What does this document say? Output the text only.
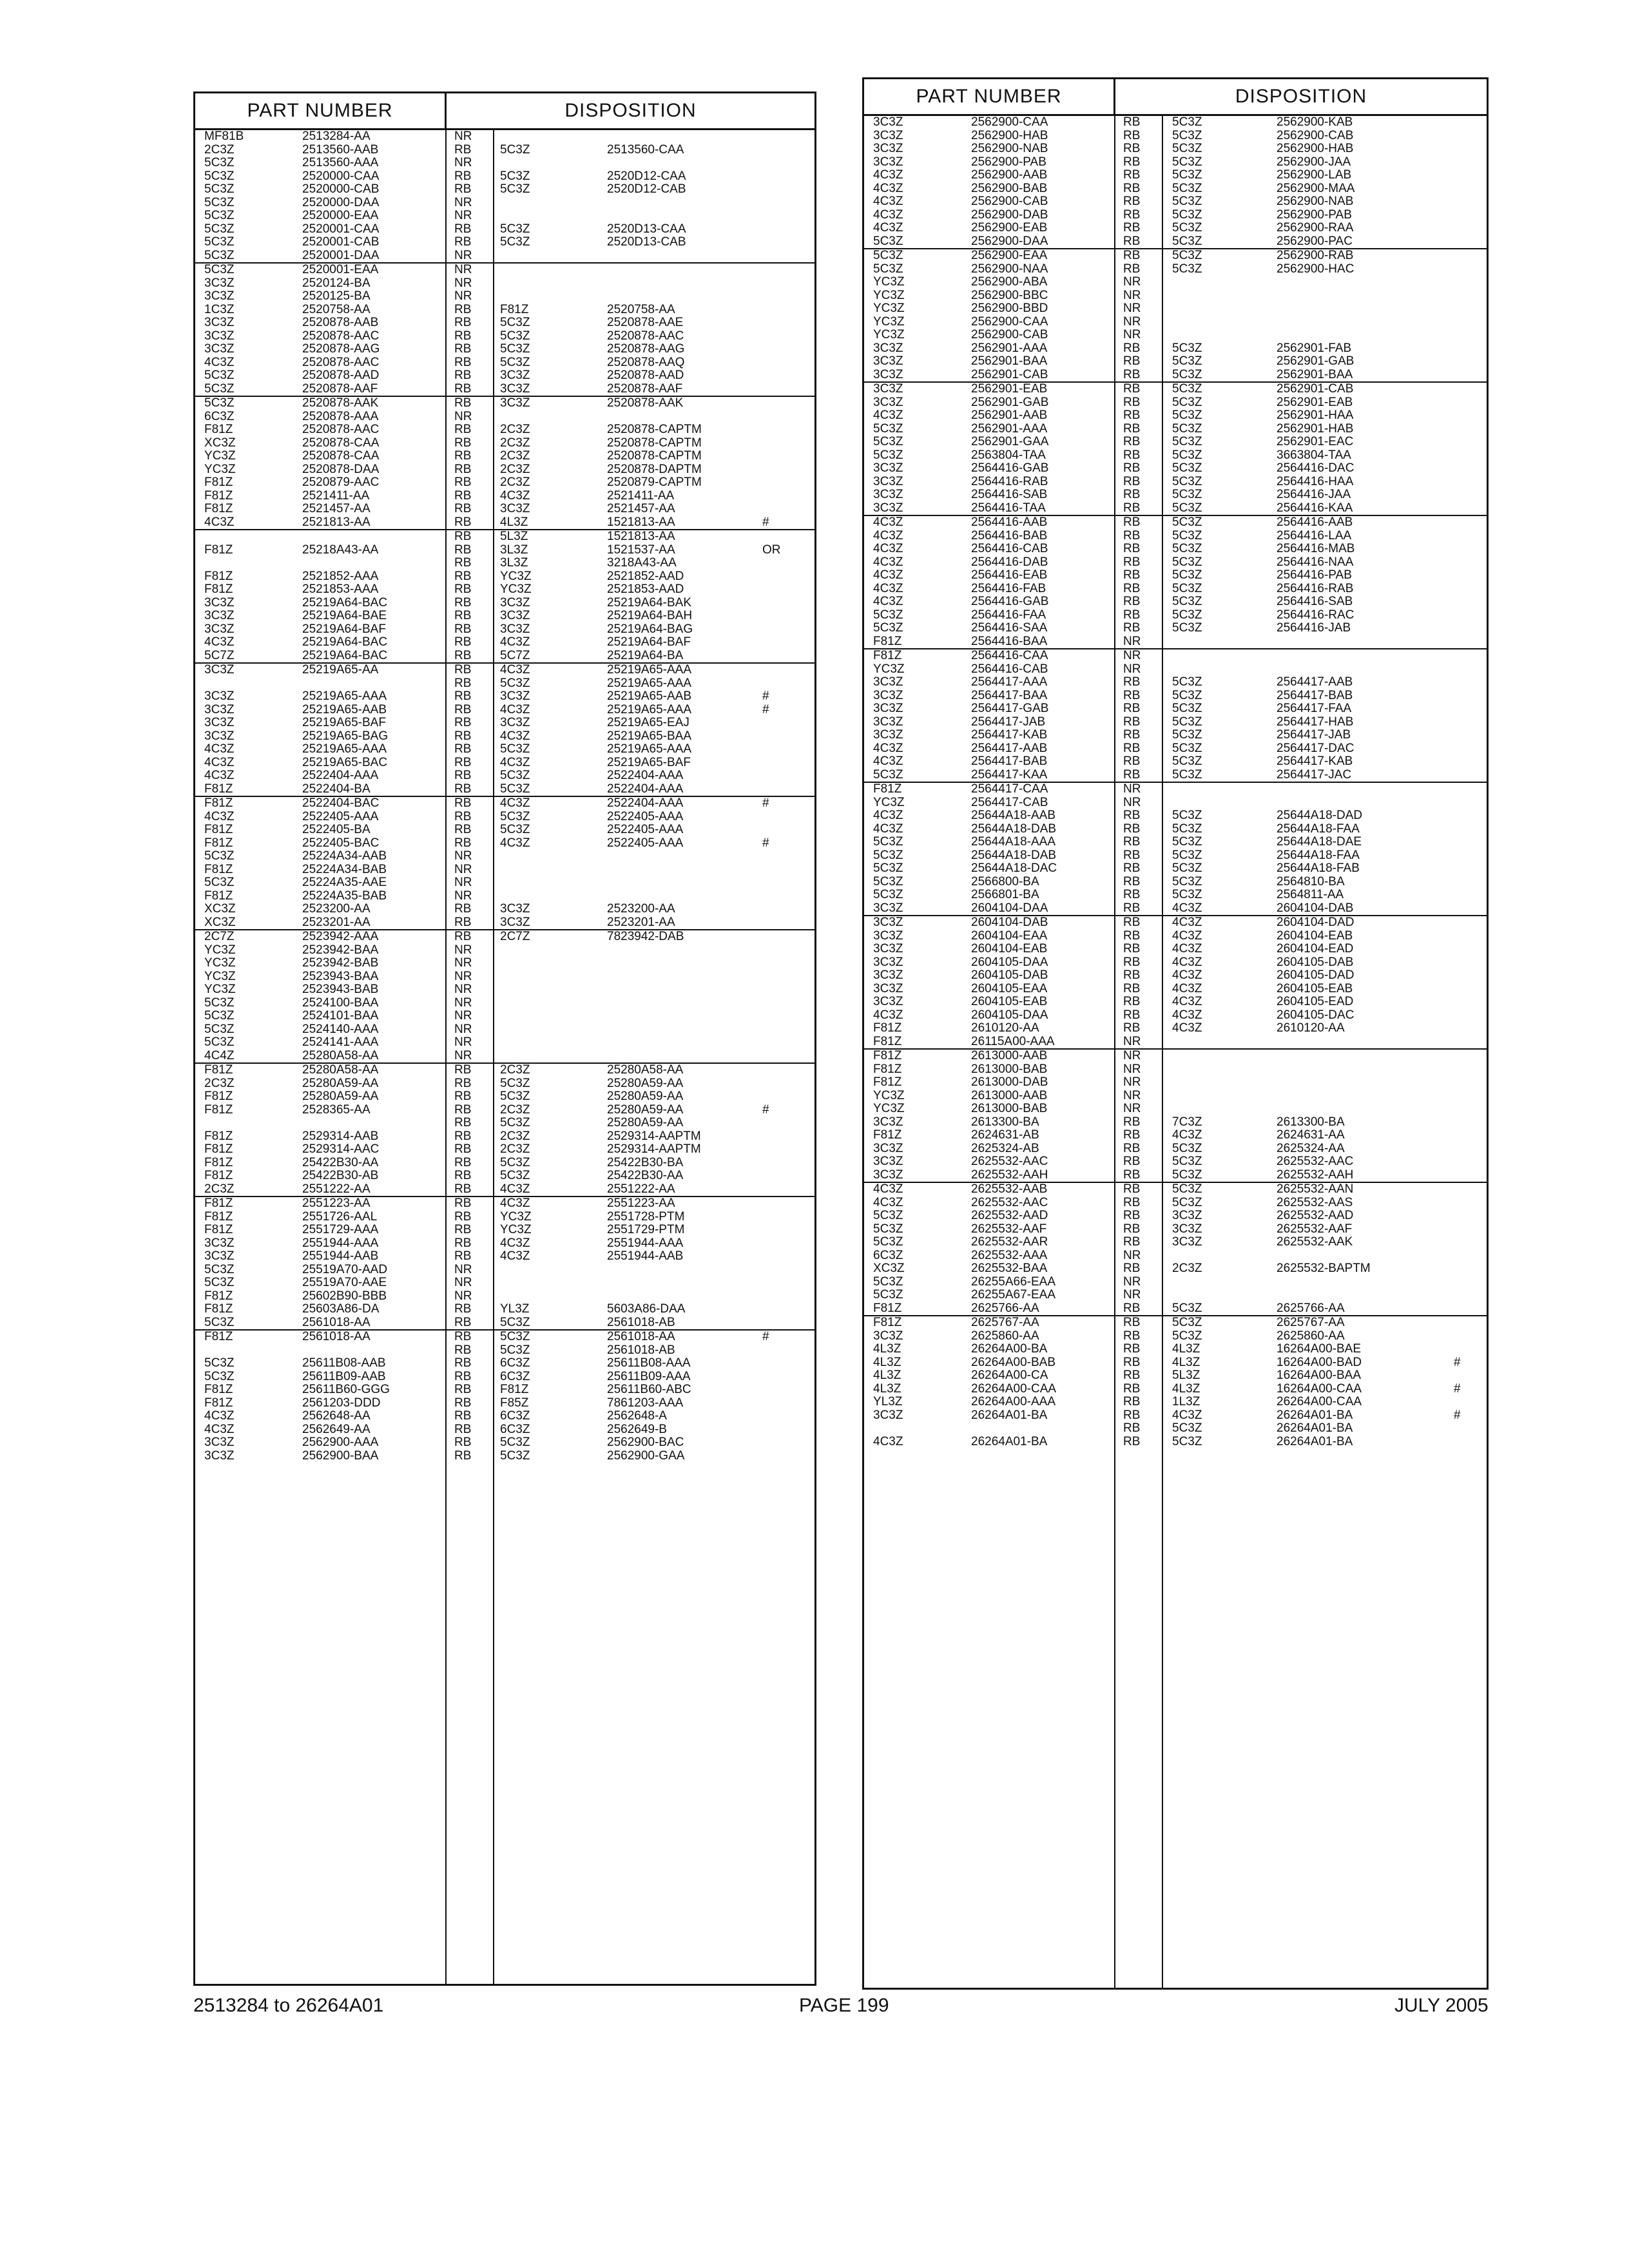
PART NUMBER	DISPOSITION
MF81B	2513284-AA	NR
2C3Z	2513560-AAB	RB 5C3Z	2513560-CAA
5C3Z	2513560-AAA	NR
5C3Z	2520000-CAA	RB 5C3Z	2520D12-CAA
5C3Z	2520000-CAB	RB 5C3Z	2520D12-CAB
5C3Z	2520000-DAA	NR
5C3Z	2520000-EAA	NR
5C3Z	2520001-CAA	RB 5C3Z	2520D13-CAA
5C3Z	2520001-CAB	RB 5C3Z	2520D13-CAB
5C3Z	2520001-DAA	NR
5C3Z	2520001-EAA	NR
3C3Z	2520124-BA	NR
3C3Z	2520125-BA	NR
1C3Z	2520758-AA	RB F81Z	2520758-AA
3C3Z	2520878-AAB	RB 5C3Z	2520878-AAE
3C3Z	2520878-AAC	RB 5C3Z	2520878-AAC
3C3Z	2520878-AAG	RB 5C3Z	2520878-AAG
4C3Z	2520878-AAC	RB 5C3Z	2520878-AAQ
5C3Z	2520878-AAD	RB 3C3Z	2520878-AAD
5C3Z	2520878-AAF	RB 3C3Z	2520878-AAF
5C3Z	2520878-AAK	RB 3C3Z	2520878-AAK
6C3Z	2520878-AAA	NR
F81Z	2520878-AAC	RB 2C3Z	2520878-CAPTM
XC3Z	2520878-CAA	RB 2C3Z	2520878-CAPTM
YC3Z	2520878-CAA	RB 2C3Z	2520878-CAPTM
YC3Z	2520878-DAA	RB 2C3Z	2520878-DAPTM
F81Z	2520879-AAC	RB 2C3Z	2520879-CAPTM
F81Z	2521411-AA	RB 4C3Z	2521411-AA
F81Z	2521457-AA	RB 3C3Z	2521457-AA
4C3Z	2521813-AA	RB 4L3Z	1521813-AA	#
RB 5L3Z	1521813-AA
F81Z	25218A43-AA	RB 3L3Z	1521537-AA	OR
RB 3L3Z	3218A43-AA
F81Z	2521852-AAA	RB YC3Z	2521852-AAD
F81Z	2521853-AAA	RB YC3Z	2521853-AAD
3C3Z	25219A64-BAC	RB 3C3Z	25219A64-BAK
3C3Z	25219A64-BAE	RB 3C3Z	25219A64-BAH
3C3Z	25219A64-BAF	RB 3C3Z	25219A64-BAG
4C3Z	25219A64-BAC	RB 4C3Z	25219A64-BAF
5C7Z	25219A64-BAC	RB 5C7Z	25219A64-BA
3C3Z	25219A65-AA	RB 4C3Z	25219A65-AAA
RB 5C3Z	25219A65-AAA
3C3Z	25219A65-AAA	RB 3C3Z	25219A65-AAB	#
3C3Z	25219A65-AAB	RB 4C3Z	25219A65-AAA	#
3C3Z	25219A65-BAF	RB 3C3Z	25219A65-EAJ
3C3Z	25219A65-BAG	RB 4C3Z	25219A65-BAA
4C3Z	25219A65-AAA	RB 5C3Z	25219A65-AAA
4C3Z	25219A65-BAC	RB 4C3Z	25219A65-BAF
4C3Z	2522404-AAA	RB 5C3Z	2522404-AAA
F81Z	2522404-BA	RB 5C3Z	2522404-AAA
F81Z	2522404-BAC	RB 4C3Z	2522404-AAA	#
4C3Z	2522405-AAA	RB 5C3Z	2522405-AAA
F81Z	2522405-BA	RB 5C3Z	2522405-AAA
F81Z	2522405-BAC	RB 4C3Z	2522405-AAA	#
5C3Z	25224A34-AAB	NR
F81Z	25224A34-BAB	NR
5C3Z	25224A35-AAE	NR
F81Z	25224A35-BAB	NR
XC3Z	2523200-AA	RB 3C3Z	2523200-AA
XC3Z	2523201-AA	RB 3C3Z	2523201-AA
2C7Z	2523942-AAA	RB 2C7Z	7823942-DAB
YC3Z	2523942-BAA	NR
YC3Z	2523942-BAB	NR
YC3Z	2523943-BAA	NR
YC3Z	2523943-BAB	NR
5C3Z	2524100-BAA	NR
5C3Z	2524101-BAA	NR
5C3Z	2524140-AAA	NR
5C3Z	2524141-AAA	NR
4C4Z	25280A58-AA	NR
F81Z	25280A58-AA	RB 2C3Z	25280A58-AA
2C3Z	25280A59-AA	RB 5C3Z	25280A59-AA
F81Z	25280A59-AA	RB 5C3Z	25280A59-AA
F81Z	2528365-AA	RB 2C3Z	25280A59-AA	#
RB 5C3Z	25280A59-AA
F81Z	2529314-AAB	RB 2C3Z	2529314-AAPTM
F81Z	2529314-AAC	RB 2C3Z	2529314-AAPTM
F81Z	25422B30-AA	RB 5C3Z	25422B30-BA
F81Z	25422B30-AB	RB 5C3Z	25422B30-AA
2C3Z	2551222-AA	RB 4C3Z	2551222-AA
F81Z	2551223-AA	RB 4C3Z	2551223-AA
F81Z	2551726-AAL	RB YC3Z	2551728-PTM
F81Z	2551729-AAA	RB YC3Z	2551729-PTM
3C3Z	2551944-AAA	RB 4C3Z	2551944-AAA
3C3Z	2551944-AAB	RB 4C3Z	2551944-AAB
5C3Z	25519A70-AAD	NR
5C3Z	25519A70-AAE	NR
F81Z	25602B90-BBB	NR
F81Z	25603A86-DA	RB YL3Z	5603A86-DAA
5C3Z	2561018-AA	RB 5C3Z	2561018-AB
F81Z	2561018-AA	RB 5C3Z	2561018-AA	#
RB 5C3Z	2561018-AB
5C3Z	25611B08-AAB	RB 6C3Z	25611B08-AAA
5C3Z	25611B09-AAB	RB 6C3Z	25611B09-AAA
F81Z	25611B60-GGG	RB F81Z	25611B60-ABC
F81Z	2561203-DDD	RB F85Z	7861203-AAA
4C3Z	2562648-AA	RB 6C3Z	2562648-A
4C3Z	2562649-AA	RB 6C3Z	2562649-B
3C3Z	2562900-AAA	RB 5C3Z	2562900-BAC
3C3Z	2562900-BAA	RB 5C3Z	2562900-GAA
PART NUMBER	DISPOSITION
3C3Z	2562900-CAA	RB	5C3Z	2562900-KAB
3C3Z	2562900-HAB	RB	5C3Z	2562900-CAB
3C3Z	2562900-NAB	RB	5C3Z	2562900-HAB
3C3Z	2562900-PAB	RB	5C3Z	2562900-JAA
4C3Z	2562900-AAB	RB	5C3Z	2562900-LAB
4C3Z	2562900-BAB	RB	5C3Z	2562900-MAA
4C3Z	2562900-CAB	RB	5C3Z	2562900-NAB
4C3Z	2562900-DAB	RB	5C3Z	2562900-PAB
4C3Z	2562900-EAB	RB	5C3Z	2562900-RAA
5C3Z	2562900-DAA	RB	5C3Z	2562900-PAC
5C3Z	2562900-EAA	RB	5C3Z	2562900-RAB
5C3Z	2562900-NAA	RB	5C3Z	2562900-HAC
YC3Z	2562900-ABA	NR
YC3Z	2562900-BBC	NR
YC3Z	2562900-BBD	NR
YC3Z	2562900-CAA	NR
YC3Z	2562900-CAB	NR
3C3Z	2562901-AAA	RB	5C3Z	2562901-FAB
3C3Z	2562901-BAA	RB	5C3Z	2562901-GAB
3C3Z	2562901-CAB	RB	5C3Z	2562901-BAA
3C3Z	2562901-EAB	RB	5C3Z	2562901-CAB
3C3Z	2562901-GAB	RB	5C3Z	2562901-EAB
4C3Z	2562901-AAB	RB	5C3Z	2562901-HAA
5C3Z	2562901-AAA	RB	5C3Z	2562901-HAB
5C3Z	2562901-GAA	RB	5C3Z	2562901-EAC
5C3Z	2563804-TAA	RB	5C3Z	3663804-TAA
3C3Z	2564416-GAB	RB	5C3Z	2564416-DAC
3C3Z	2564416-RAB	RB	5C3Z	2564416-HAA
3C3Z	2564416-SAB	RB	5C3Z	2564416-JAA
3C3Z	2564416-TAA	RB	5C3Z	2564416-KAA
4C3Z	2564416-AAB	RB	5C3Z	2564416-AAB
4C3Z	2564416-BAB	RB	5C3Z	2564416-LAA
4C3Z	2564416-CAB	RB	5C3Z	2564416-MAB
4C3Z	2564416-DAB	RB	5C3Z	2564416-NAA
4C3Z	2564416-EAB	RB	5C3Z	2564416-PAB
4C3Z	2564416-FAB	RB	5C3Z	2564416-RAB
4C3Z	2564416-GAB	RB	5C3Z	2564416-SAB
5C3Z	2564416-FAA	RB	5C3Z	2564416-RAC
5C3Z	2564416-SAA	RB	5C3Z	2564416-JAB
F81Z	2564416-BAA	NR
F81Z	2564416-CAA	NR
YC3Z	2564416-CAB	NR
3C3Z	2564417-AAA	RB	5C3Z	2564417-AAB
3C3Z	2564417-BAA	RB	5C3Z	2564417-BAB
3C3Z	2564417-GAB	RB	5C3Z	2564417-FAA
3C3Z	2564417-JAB	RB	5C3Z	2564417-HAB
3C3Z	2564417-KAB	RB	5C3Z	2564417-JAB
4C3Z	2564417-AAB	RB	5C3Z	2564417-DAC
4C3Z	2564417-BAB	RB	5C3Z	2564417-KAB
5C3Z	2564417-KAA	RB	5C3Z	2564417-JAC
F81Z	2564417-CAA	NR
YC3Z	2564417-CAB	NR
4C3Z	25644A18-AAB	RB	5C3Z	25644A18-DAD
4C3Z	25644A18-DAB	RB	5C3Z	25644A18-FAA
5C3Z	25644A18-AAA	RB	5C3Z	25644A18-DAE
5C3Z	25644A18-DAB	RB	5C3Z	25644A18-FAA
5C3Z	25644A18-DAC	RB	5C3Z	25644A18-FAB
5C3Z	2566800-BA	RB	5C3Z	2564810-BA
5C3Z	2566801-BA	RB	5C3Z	2564811-AA
3C3Z	2604104-DAA	RB	4C3Z	2604104-DAB
3C3Z	2604104-DAB	RB	4C3Z	2604104-DAD
3C3Z	2604104-EAA	RB	4C3Z	2604104-EAB
3C3Z	2604104-EAB	RB	4C3Z	2604104-EAD
3C3Z	2604105-DAA	RB	4C3Z	2604105-DAB
3C3Z	2604105-DAB	RB	4C3Z	2604105-DAD
3C3Z	2604105-EAA	RB	4C3Z	2604105-EAB
3C3Z	2604105-EAB	RB	4C3Z	2604105-EAD
4C3Z	2604105-DAA	RB	4C3Z	2604105-DAC
F81Z	2610120-AA	RB	4C3Z	2610120-AA
F81Z	26115A00-AAA	NR
F81Z	2613000-AAB	NR
F81Z	2613000-BAB	NR
F81Z	2613000-DAB	NR
YC3Z	2613000-AAB	NR
YC3Z	2613000-BAB	NR
3C3Z	2613300-BA	RB	7C3Z	2613300-BA
F81Z	2624631-AB	RB	4C3Z	2624631-AA
3C3Z	2625324-AB	RB	5C3Z	2625324-AA
3C3Z	2625532-AAC	RB	5C3Z	2625532-AAC
3C3Z	2625532-AAH	RB	5C3Z	2625532-AAH
4C3Z	2625532-AAB	RB	5C3Z	2625532-AAN
4C3Z	2625532-AAC	RB	5C3Z	2625532-AAS
5C3Z	2625532-AAD	RB	3C3Z	2625532-AAD
5C3Z	2625532-AAF	RB	3C3Z	2625532-AAF
5C3Z	2625532-AAR	RB	3C3Z	2625532-AAK
6C3Z	2625532-AAA	NR
XC3Z	2625532-BAA	RB	2C3Z	2625532-BAPTM
5C3Z	26255A66-EAA	NR
5C3Z	26255A67-EAA	NR
F81Z	2625766-AA	RB	5C3Z	2625766-AA
F81Z	2625767-AA	RB	5C3Z	2625767-AA
3C3Z	2625860-AA	RB	5C3Z	2625860-AA
4L3Z	26264A00-BA	RB	4L3Z	16264A00-BAE
4L3Z	26264A00-BAB	RB	4L3Z	16264A00-BAD	#
4L3Z	26264A00-CA	RB	5L3Z	16264A00-BAA
4L3Z	26264A00-CAA	RB	4L3Z	16264A00-CAA	#
YL3Z	26264A00-AAA	RB	1L3Z	26264A00-CAA
3C3Z	26264A01-BA	RB	4C3Z	26264A01-BA	#
RB	5C3Z	26264A01-BA
4C3Z	26264A01-BA	RB	5C3Z	26264A01-BA
2513284 to 26264A01	PAGE 199	JULY 2005
